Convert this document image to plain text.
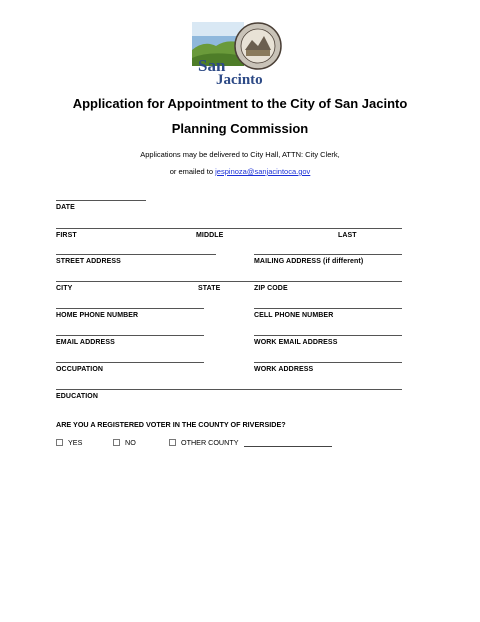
San
Jacinto
Application for Appointment to the City of San Jacinto
Planning Commission
Applications may be delivered to City Hall, ATTN: City Clerk,
or emailed to jespinoza@sanjacintoca.gov
DATE
FIRST	MIDDLE	LAST
STREET ADDRESS	MAILING ADDRESS (if different)
CITY	STATE	ZIP CODE
HOME PHONE NUMBER	CELL PHONE NUMBER
EMAIL ADDRESS	WORK EMAIL ADDRESS
OCCUPATION	WORK ADDRESS
EDUCATION
ARE YOU A REGISTERED VOTER IN THE COUNTY OF RIVERSIDE?
YES	NO	OTHER COUNTY
